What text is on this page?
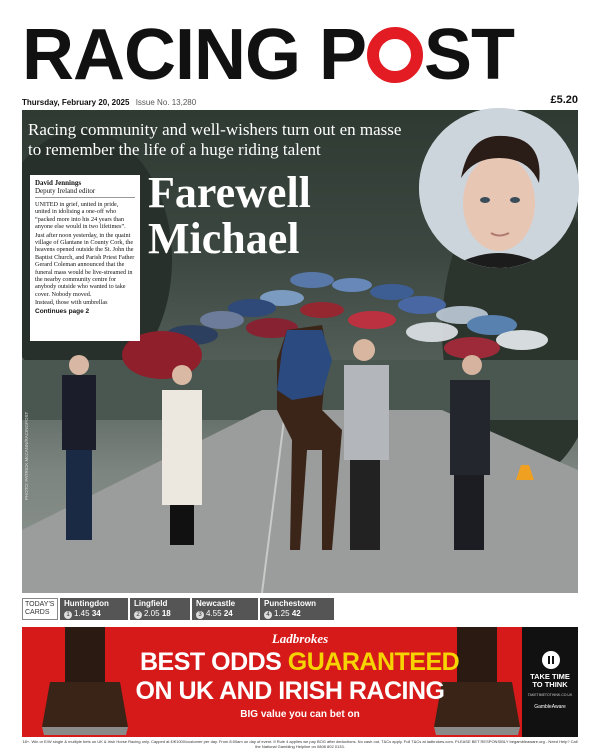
RACING P ST
Thursday, February 20, 2025 Issue No. 13,280	£5.20
Racing community and well-wishers turn out en masse to remember the life of a huge riding talent
Farewell
Michael
David Jennings
Deputy Ireland editor

UNITED in grief, united in pride, united in idolising a one-off who “packed more into his 24 years than anyone else would in two lifetimes”.

Just after noon yesterday, in the quaint village of Glantane in County Cork, the heavens opened outside the St. John the Baptist Church, and Parish Priest Father Gerard Coleman announced that the funeral mass would be live-streamed in the nearby community centre for anybody outside who wanted to take cover. Nobody moved.

Instead, those with umbrellas

Continues page 2
PHOTO: PATRICK McCANN/RACINGPOST
TODAY'S CARDS
Huntingdon
1 1.45 34
Lingfield
2 2.05 18
Newcastle
3 4.55 24
Punchestown
4 1.25 42
Ladbrokes
BEST ODDS GUARANTEED
ON UK AND IRISH RACING
BIG value you can bet on
TAKE TIME
TO THINK
TAKETIMETOTHINK.CO.UK
GambleAware
18+. Win or E/W single & multiple bets on UK & Irish Horse Racing only. Capped at £/€1000/customer per day. From 8:00am on day of event. If Rule 4 applies we pay BOG after deductions. No cash out. T&Cs apply. Full T&Cs at ladbrokes.com. PLEASE BET RESPONSIBLY begambleaware.org - Need Help? Call the National Gambling Helpline on 0808 802 0133.
